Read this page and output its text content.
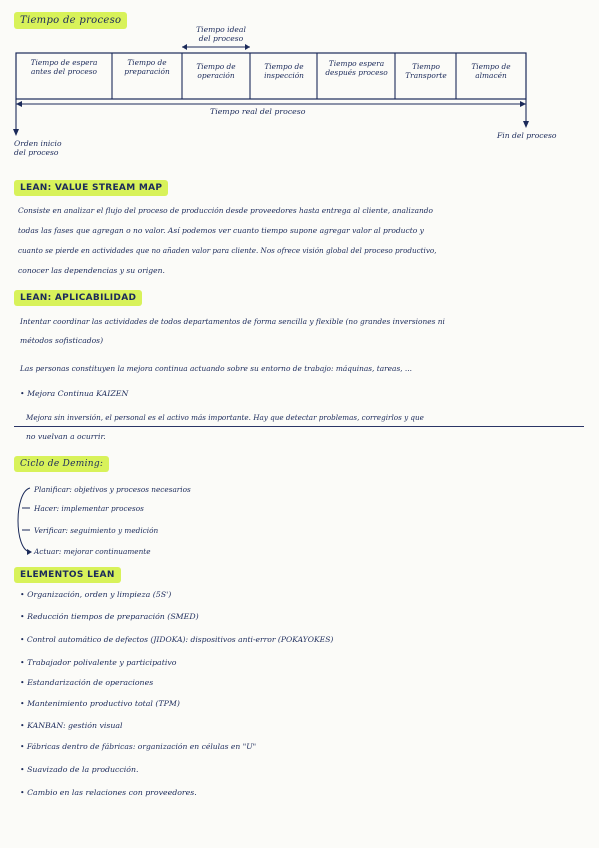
Tiempo de proceso
Tiempo ideal
del proceso
Tiempo de espera antes del proceso
Tiempo de preparación
Tiempo de operación
Tiempo de inspección
Tiempo espera después proceso
Tiempo Transporte
Tiempo de almacén
Tiempo real del proceso
Orden inicio
del proceso
Fin del proceso
LEAN: VALUE STREAM MAP
Consiste en analizar el flujo del proceso de producción desde proveedores hasta entrega al cliente, analizando
todas las fases que agregan o no valor. Así podemos ver cuanto tiempo supone agregar valor al producto y
cuanto se pierde en actividades que no añaden valor para cliente. Nos ofrece visión global del proceso productivo,
conocer las dependencias y su origen.
LEAN: APLICABILIDAD
Intentar coordinar las actividades de todos departamentos de forma sencilla y flexible (no grandes inversiones ni
métodos sofisticados)
Las personas constituyen la mejora continua actuando sobre su entorno de trabajo: máquinas, tareas, ...
• Mejora Continua KAIZEN
Mejora sin inversión, el personal es el activo más importante. Hay que detectar problemas, corregirlos y que
no vuelvan a ocurrir.
Ciclo de Deming:
Planificar: objetivos y procesos necesarios
Hacer: implementar procesos
Verificar: seguimiento y medición
Actuar: mejorar continuamente
ELEMENTOS LEAN
• Organización, orden y limpieza (5S')
• Reducción tiempos de preparación (SMED)
• Control automático de defectos (JIDOKA): dispositivos anti-error (POKAYOKES)
• Trabajador polivalente y participativo
• Estandarización de operaciones
• Mantenimiento productivo total (TPM)
• KANBAN: gestión visual
• Fábricas dentro de fábricas: organización en células en "U"
• Suavizado de la producción.
• Cambio en las relaciones con proveedores.
